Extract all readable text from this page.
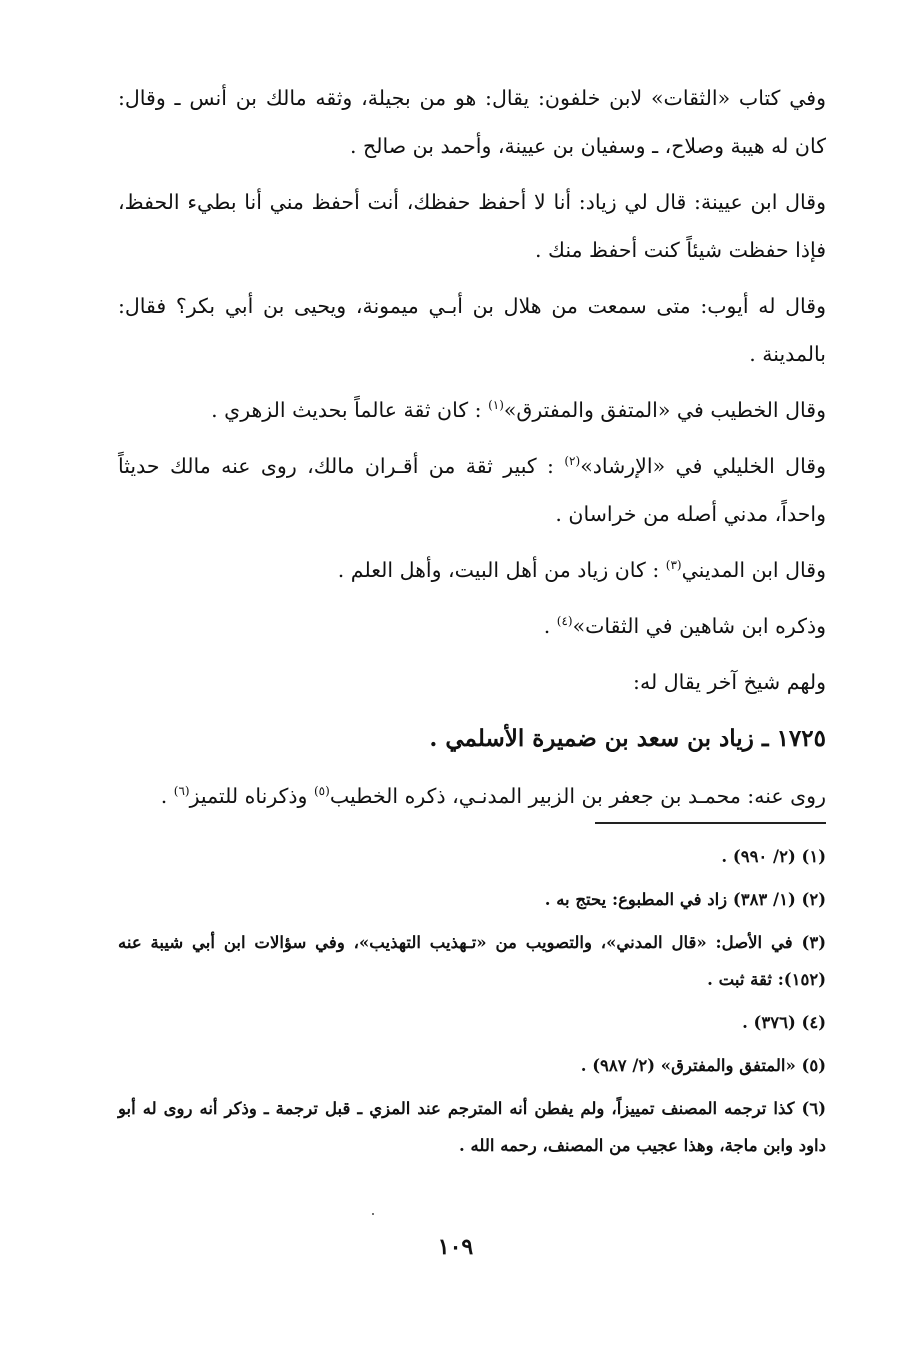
وفي كتاب «الثقات» لابن خلفون: يقال: هو من بجيلة، وثقه مالك بن أنس ـ وقال: كان له هيبة وصلاح، ـ وسفيان بن عيينة، وأحمد بن صالح .

وقال ابن عيينة: قال لي زياد: أنا لا أحفظ حفظك، أنت أحفظ مني أنا بطيء الحفظ، فإذا حفظت شيئاً كنت أحفظ منك .

وقال له أيوب: متى سمعت من هلال بن أبـي ميمونة، ويحيى بن أبي بكر؟ فقال: بالمدينة .

وقال الخطيب في «المتفق والمفترق»$^{(١)}$ : كان ثقة عالماً بحديث الزهري .

وقال الخليلي في «الإرشاد»$^{(٢)}$ : كبير ثقة من أقـران مالك، روى عنه مالك حديثاً واحداً، مدني أصله من خراسان .

وقال ابن المديني$^{(٣)}$ : كان زياد من أهل البيت، وأهل العلم .

وذكره ابن شاهين في الثقات»$^{(٤)}$ .

ولهم شيخ آخر يقال له:

١٧٢٥ ـ زياد بن سعد بن ضميرة الأسلمي .

روى عنه: محمـد بن جعفر بن الزبير المدنـي، ذكره الخطيب$^{(٥)}$ وذكرناه للتميز$^{(٦)}$ .

(١) (٢/ ٩٩٠) .

(٢) (١/ ٣٨٣) زاد في المطبوع: يحتج به .

(٣) في الأصل: «قال المدني»، والتصويب من «تـهذيب التهذيب»، وفي سؤالات ابن أبي شيبة عنه (١٥٢): ثقة ثبت .

(٤) (٣٧٦) .

(٥) «المتفق والمفترق» (٢/ ٩٨٧) .

(٦) كذا ترجمه المصنف تمييزاً، ولم يفطن أنه المترجم عند المزي ـ قبل ترجمة ـ وذكر أنه روى له أبو داود وابن ماجة، وهذا عجيب من المصنف، رحمه الله .

١٠٩
